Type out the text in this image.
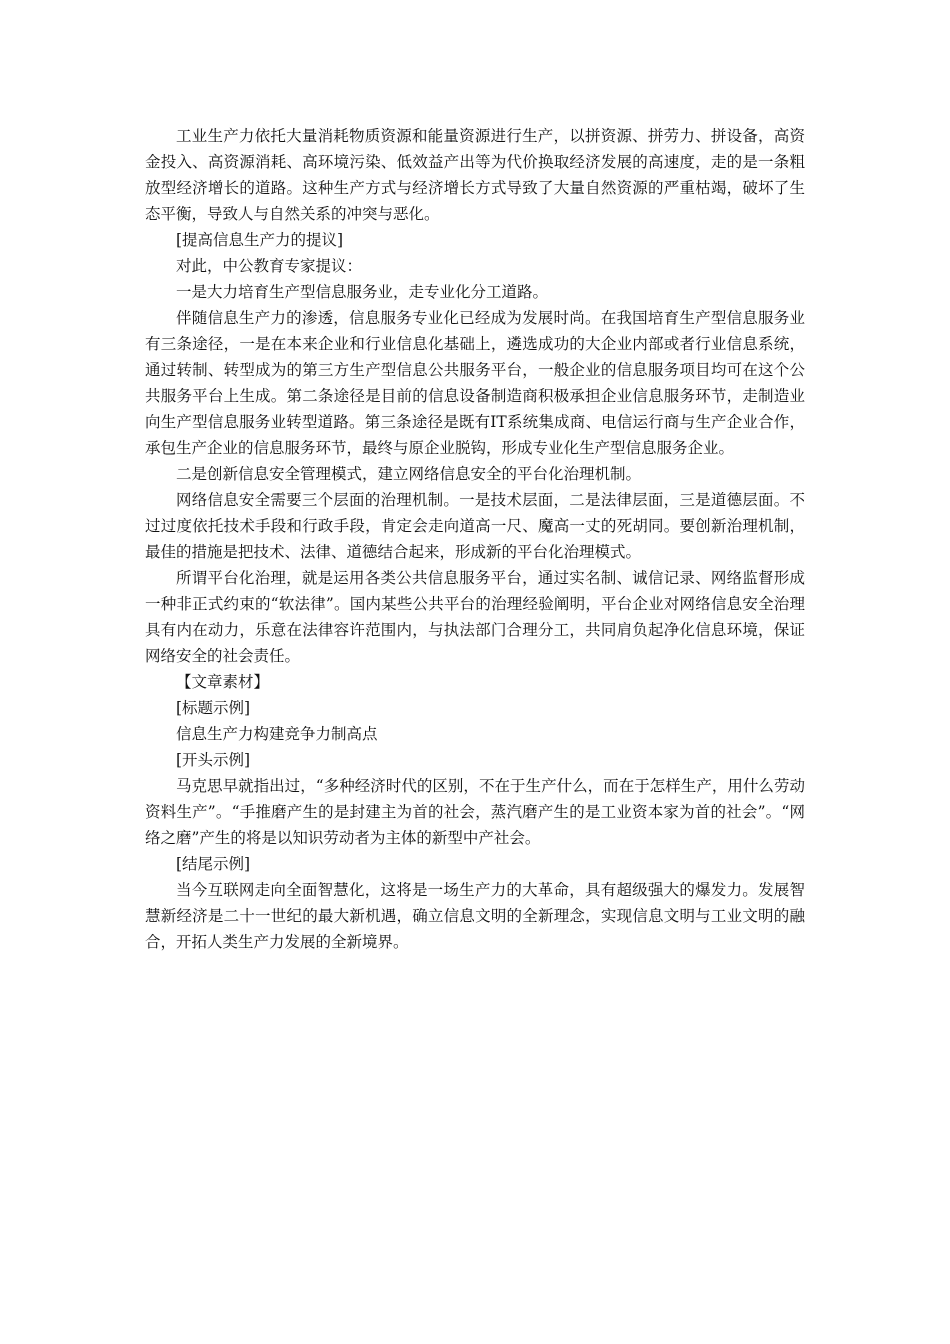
工业生产力依托大量消耗物质资源和能量资源进行生产，以拼资源、拼劳力、拼设备，高资金投入、高资源消耗、高环境污染、低效益产出等为代价换取经济发展的高速度，走的是一条粗放型经济增长的道路。这种生产方式与经济增长方式导致了大量自然资源的严重枯竭，破坏了生态平衡，导致人与自然关系的冲突与恶化。

[提高信息生产力的提议]

对此，中公教育专家提议：

一是大力培育生产型信息服务业，走专业化分工道路。

伴随信息生产力的渗透，信息服务专业化已经成为发展时尚。在我国培育生产型信息服务业有三条途径，一是在本来企业和行业信息化基础上，遴选成功的大企业内部或者行业信息系统，通过转制、转型成为的第三方生产型信息公共服务平台，一般企业的信息服务项目均可在这个公共服务平台上生成。第二条途径是目前的信息设备制造商积极承担企业信息服务环节，走制造业向生产型信息服务业转型道路。第三条途径是既有IT系统集成商、电信运行商与生产企业合作，承包生产企业的信息服务环节，最终与原企业脱钩，形成专业化生产型信息服务企业。

二是创新信息安全管理模式，建立网络信息安全的平台化治理机制。

网络信息安全需要三个层面的治理机制。一是技术层面，二是法律层面，三是道德层面。不过过度依托技术手段和行政手段，肯定会走向道高一尺、魔高一丈的死胡同。要创新治理机制，最佳的措施是把技术、法律、道德结合起来，形成新的平台化治理模式。

所谓平台化治理，就是运用各类公共信息服务平台，通过实名制、诚信记录、网络监督形成一种非正式约束的“软法律”。国内某些公共平台的治理经验阐明，平台企业对网络信息安全治理具有内在动力，乐意在法律容许范围内，与执法部门合理分工，共同肩负起净化信息环境，保证网络安全的社会责任。

【文章素材】

[标题示例]

信息生产力构建竞争力制高点

[开头示例]

马克思早就指出过，“多种经济时代的区别，不在于生产什么，而在于怎样生产，用什么劳动资料生产”。“手推磨产生的是封建主为首的社会，蒸汽磨产生的是工业资本家为首的社会”。“网络之磨”产生的将是以知识劳动者为主体的新型中产社会。

[结尾示例]

当今互联网走向全面智慧化，这将是一场生产力的大革命，具有超级强大的爆发力。发展智慧新经济是二十一世纪的最大新机遇，确立信息文明的全新理念，实现信息文明与工业文明的融合，开拓人类生产力发展的全新境界。
